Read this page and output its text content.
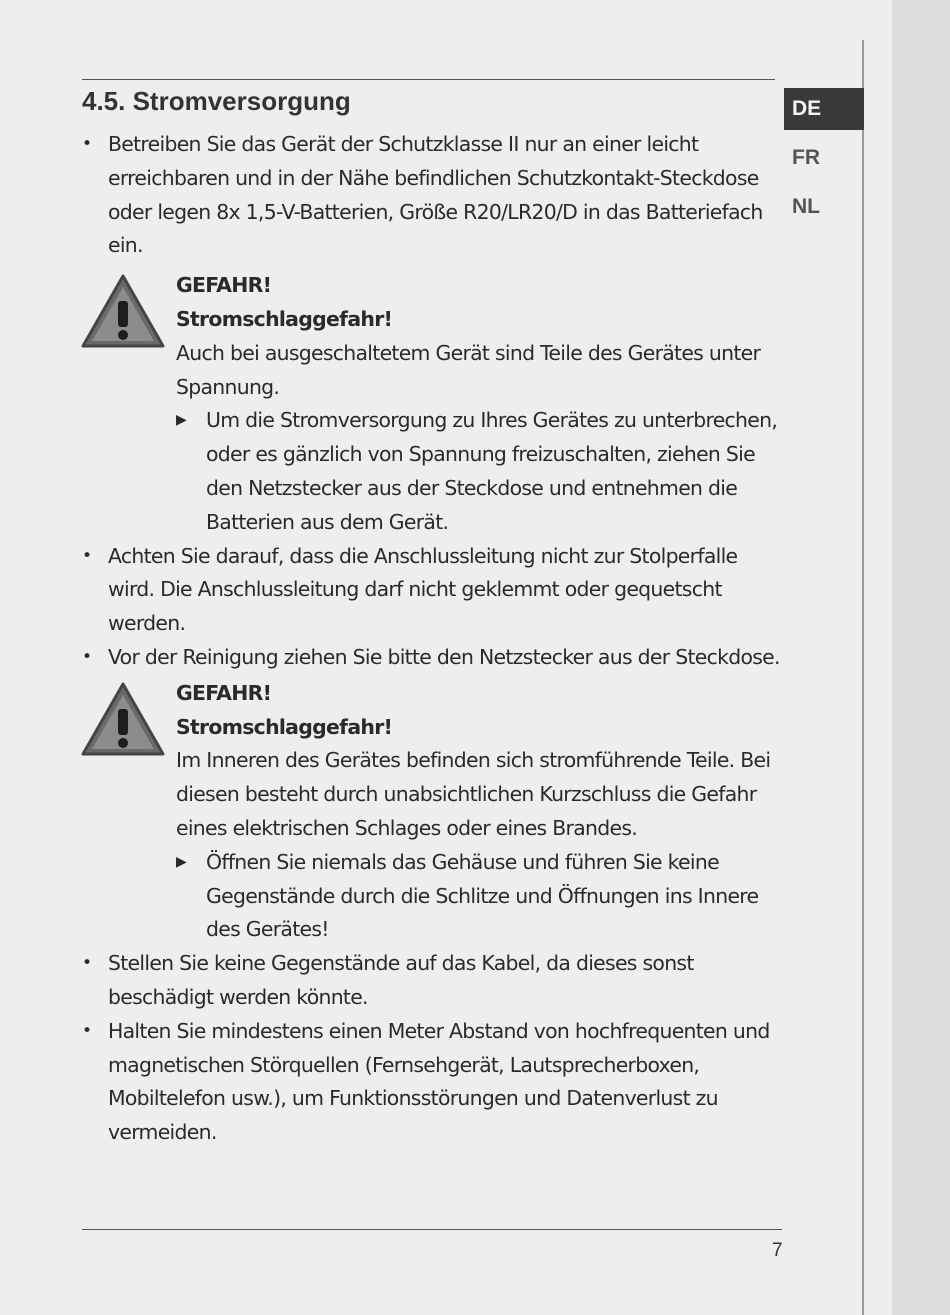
4.5. Stromversorgung	DE
FR
NL

• Betreiben Sie das Gerät der Schutzklasse II nur an einer leicht erreichbaren und in der Nähe befindlichen Schutzkontakt-Steckdose oder legen 8x 1,5-V-Batterien, Größe R20/LR20/D in das Batteriefach ein.

GEFAHR!
Stromschlaggefahr!
Auch bei ausgeschaltetem Gerät sind Teile des Gerätes unter Spannung.

▶ Um die Stromversorgung zu Ihres Gerätes zu unterbrechen, oder es gänzlich von Spannung freizuschalten, ziehen Sie den Netzstecker aus der Steckdose und entnehmen die Batterien aus dem Gerät.

• Achten Sie darauf, dass die Anschlussleitung nicht zur Stolperfalle wird. Die Anschlussleitung darf nicht geklemmt oder gequetscht werden.

• Vor der Reinigung ziehen Sie bitte den Netzstecker aus der Steckdose.

GEFAHR!
Stromschlaggefahr!
Im Inneren des Gerätes befinden sich stromführende Teile. Bei diesen besteht durch unabsichtlichen Kurzschluss die Gefahr eines elektrischen Schlages oder eines Brandes.

▶ Öffnen Sie niemals das Gehäuse und führen Sie keine Gegenstände durch die Schlitze und Öffnungen ins Innere des Gerätes!

• Stellen Sie keine Gegenstände auf das Kabel, da dieses sonst beschädigt werden könnte.

• Halten Sie mindestens einen Meter Abstand von hochfrequenten und magnetischen Störquellen (Fernsehgerät, Lautsprecherboxen, Mobiltelefon usw.), um Funktionsstörungen und Datenverlust zu vermeiden.

7
